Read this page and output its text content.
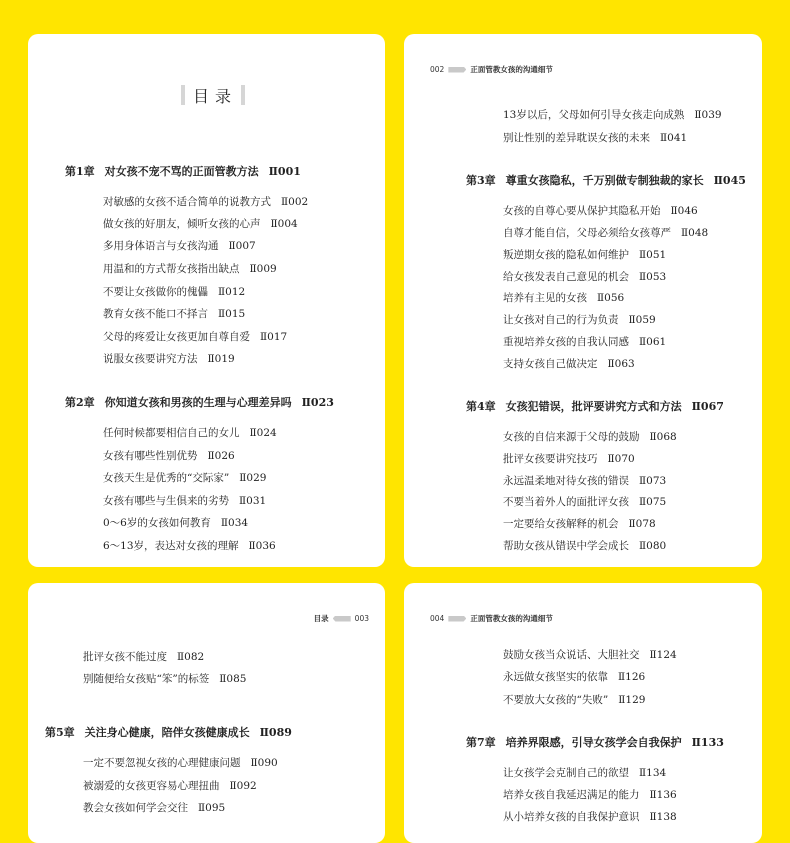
目录
第1章 对女孩不宠不骂的正面管教方法 Ⅱ001
对敏感的女孩不适合简单的说教方式 Ⅱ002
做女孩的好朋友，倾听女孩的心声 Ⅱ004
多用身体语言与女孩沟通 Ⅱ007
用温和的方式帮女孩指出缺点 Ⅱ009
不要让女孩做你的傀儡 Ⅱ012
教育女孩不能口不择言 Ⅱ015
父母的疼爱让女孩更加自尊自爱 Ⅱ017
说服女孩要讲究方法 Ⅱ019
第2章 你知道女孩和男孩的生理与心理差异吗 Ⅱ023
任何时候都要相信自己的女儿 Ⅱ024
女孩有哪些性别优势 Ⅱ026
女孩天生是优秀的“交际家” Ⅱ029
女孩有哪些与生俱来的劣势 Ⅱ031
0～6岁的女孩如何教育 Ⅱ034
6～13岁，表达对女孩的理解 Ⅱ036
002	正面管教女孩的沟通细节
13岁以后，父母如何引导女孩走向成熟 Ⅱ039
别让性别的差异耽误女孩的未来 Ⅱ041
第3章 尊重女孩隐私，千万别做专制独裁的家长 Ⅱ045
女孩的自尊心要从保护其隐私开始 Ⅱ046
自尊才能自信，父母必须给女孩尊严 Ⅱ048
叛逆期女孩的隐私如何维护 Ⅱ051
给女孩发表自己意见的机会 Ⅱ053
培养有主见的女孩 Ⅱ056
让女孩对自己的行为负责 Ⅱ059
重视培养女孩的自我认同感 Ⅱ061
支持女孩自己做决定 Ⅱ063
第4章 女孩犯错误，批评要讲究方式和方法 Ⅱ067
女孩的自信来源于父母的鼓励 Ⅱ068
批评女孩要讲究技巧 Ⅱ070
永远温柔地对待女孩的错误 Ⅱ073
不要当着外人的面批评女孩 Ⅱ075
一定要给女孩解释的机会 Ⅱ078
帮助女孩从错误中学会成长 Ⅱ080
目录	003
批评女孩不能过度 Ⅱ082
别随便给女孩贴“笨”的标签 Ⅱ085
第5章 关注身心健康，陪伴女孩健康成长 Ⅱ089
一定不要忽视女孩的心理健康问题 Ⅱ090
被溺爱的女孩更容易心理扭曲 Ⅱ092
教会女孩如何学会交往 Ⅱ095
004	正面管教女孩的沟通细节
鼓励女孩当众说话、大胆社交 Ⅱ124
永远做女孩坚实的依靠 Ⅱ126
不要放大女孩的“失败” Ⅱ129
第7章 培养界限感，引导女孩学会自我保护 Ⅱ133
让女孩学会克制自己的欲望 Ⅱ134
培养女孩自我延迟满足的能力 Ⅱ136
从小培养女孩的自我保护意识 Ⅱ138
